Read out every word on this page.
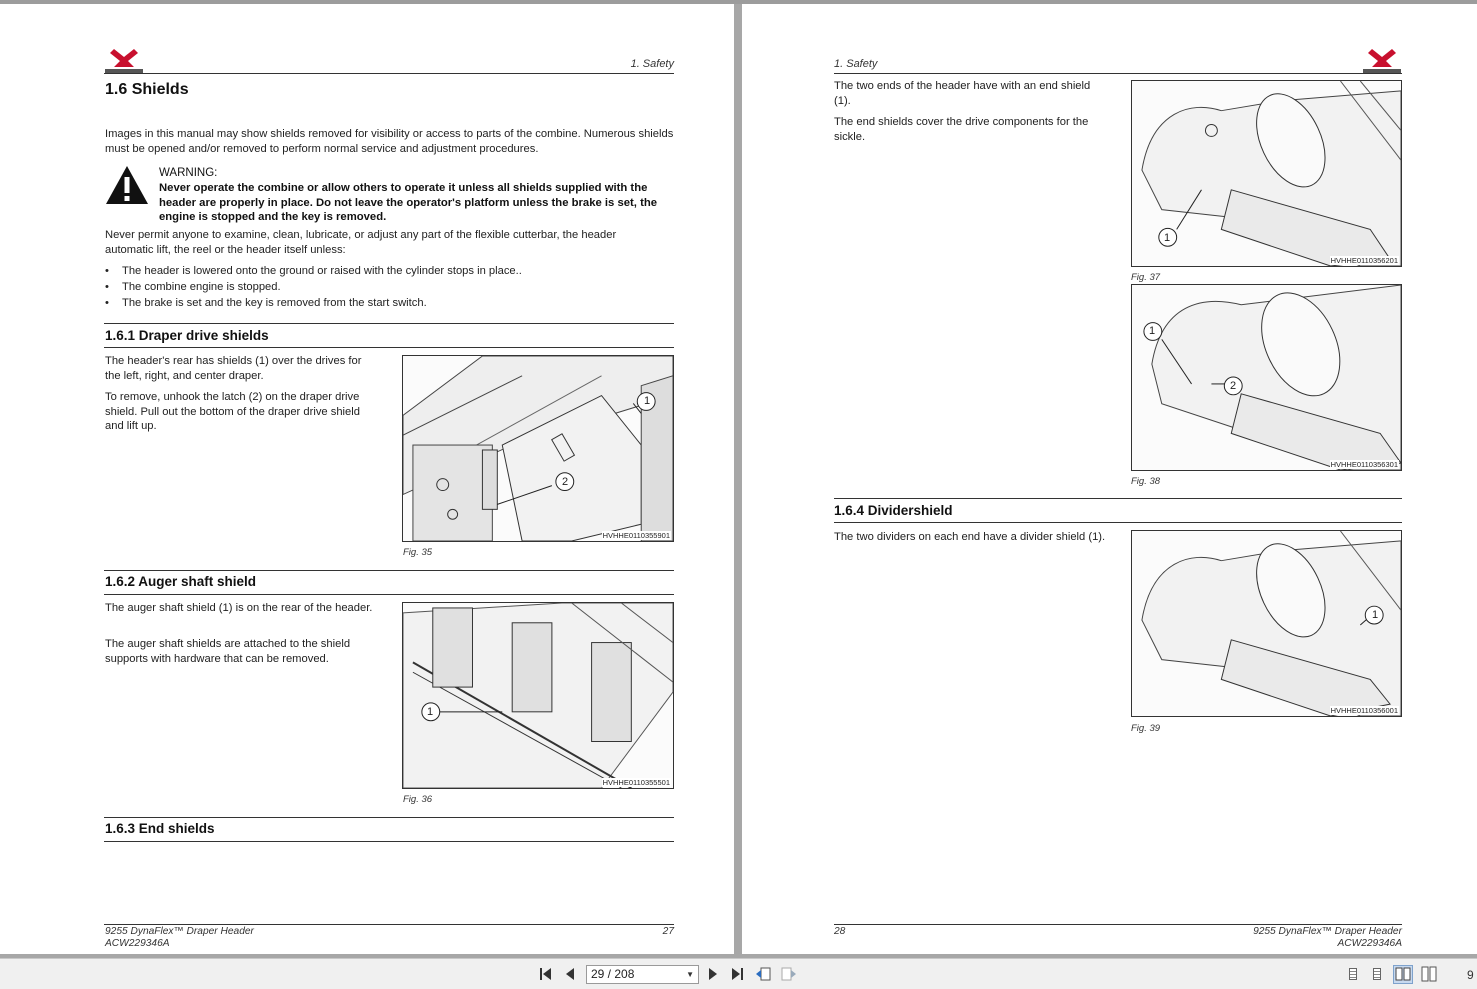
1. Safety
1.6 Shields
Images in this manual may show shields removed for visibility or access to parts of the combine. Numerous shields must be opened and/or removed to perform normal service and adjustment procedures.
WARNING:
Never operate the combine or allow others to operate it unless all shields supplied with the header are properly in place. Do not leave the operator's platform unless the brake is set, the engine is stopped and the key is removed.
Never permit anyone to examine, clean, lubricate, or adjust any part of the flexible cutterbar, the header automatic lift, the reel or the header itself unless:
• The header is lowered onto the ground or raised with the cylinder stops in place..
• The combine engine is stopped.
• The brake is set and the key is removed from the start switch.
1.6.1 Draper drive shields
The header's rear has shields (1) over the drives for the left, right, and center draper.
To remove, unhook the latch (2) on the draper drive shield. Pull out the bottom of the draper drive shield and lift up.
1
2
HVHHE0110355901
Fig. 35
1.6.2 Auger shaft shield
The auger shaft shield (1) is on the rear of the header.
The auger shaft shields are attached to the shield supports with hardware that can be removed.
1
HVHHE0110355501
Fig. 36
1.6.3 End shields
9255 DynaFlex™ Draper Header
ACW229346A
27
1. Safety
The two ends of the header have with an end shield (1).
The end shields cover the drive components for the sickle.
1
HVHHE0110356201
Fig. 37
1
2
HVHHE0110356301
Fig. 38
1.6.4 Dividershield
The two dividers on each end have a divider shield (1).
1
HVHHE0110356001
Fig. 39
28	9255 DynaFlex™ Draper Header
ACW229346A
29 / 208	▼	9
